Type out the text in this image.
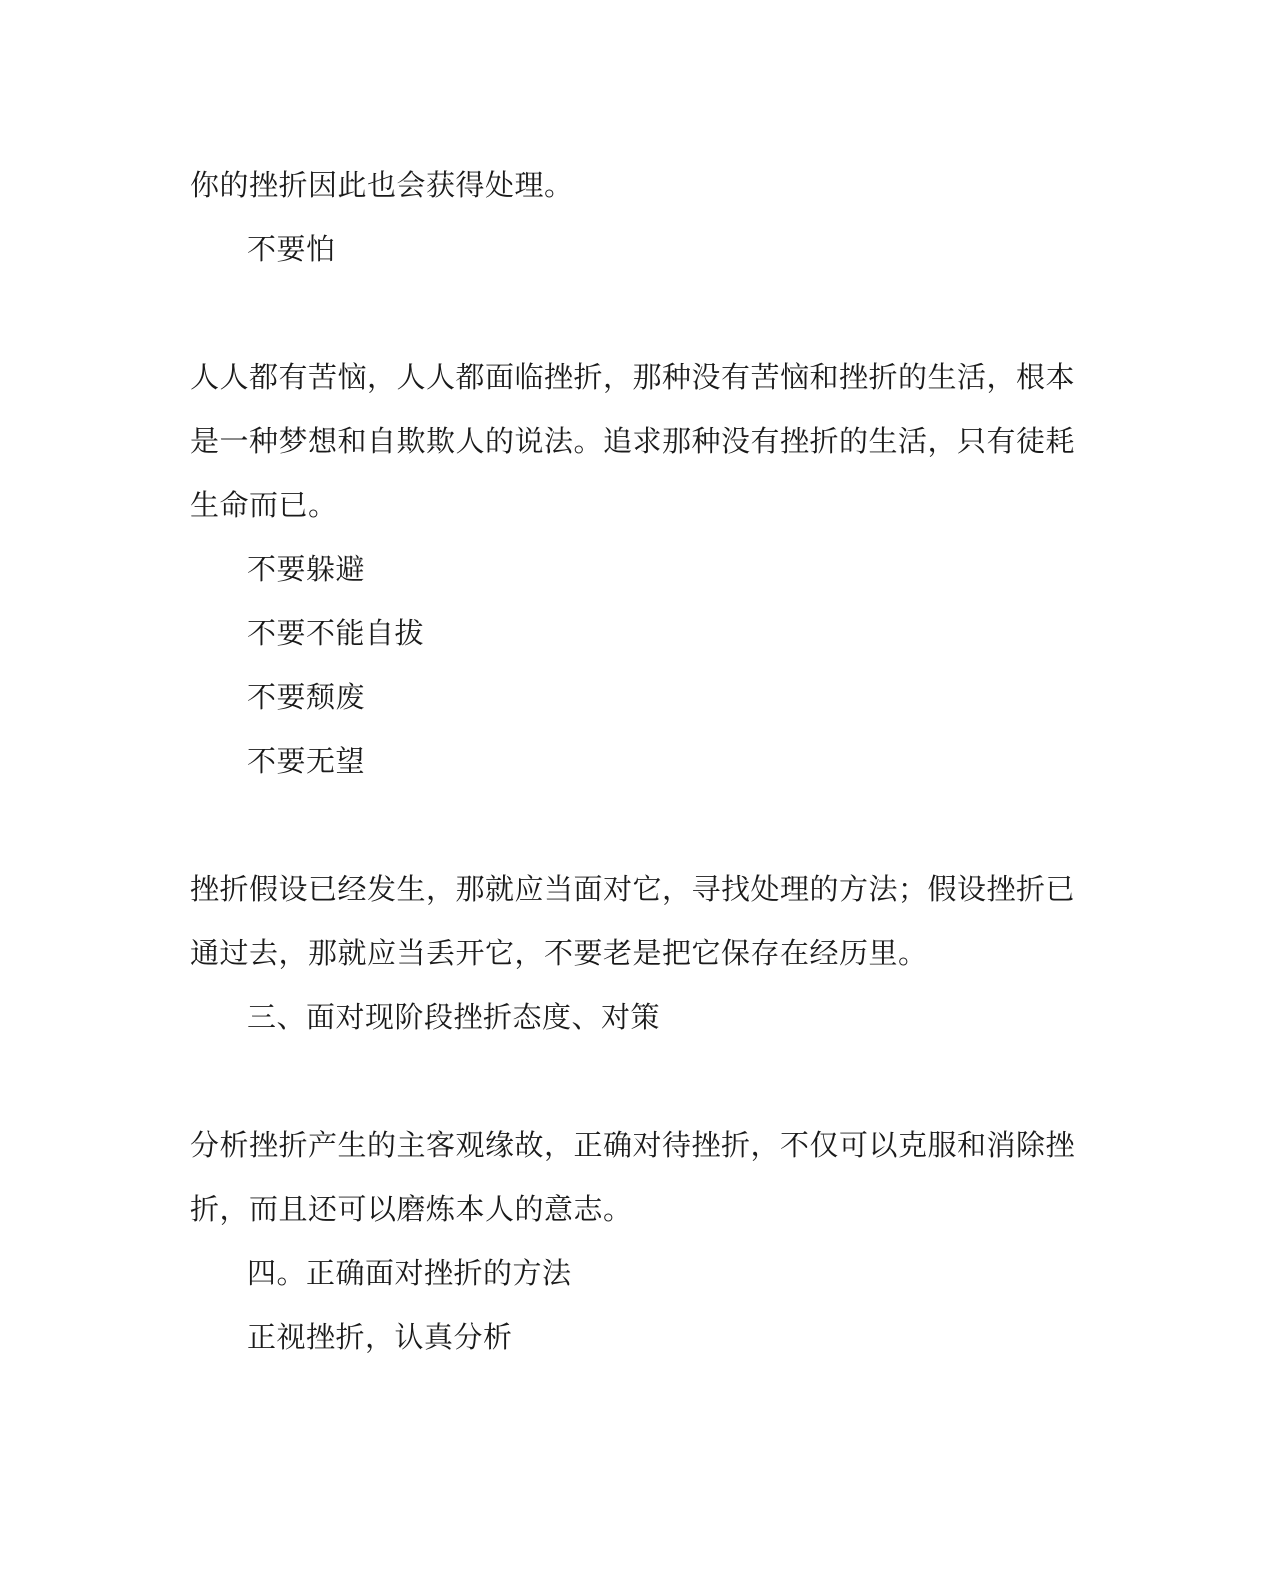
你的挫折因此也会获得处理。
不要怕
人人都有苦恼，人人都面临挫折，那种没有苦恼和挫折的生活，根本
是一种梦想和自欺欺人的说法。追求那种没有挫折的生活，只有徒耗
生命而已。
不要躲避
不要不能自拔
不要颓废
不要无望
挫折假设已经发生，那就应当面对它，寻找处理的方法；假设挫折已
通过去，那就应当丢开它，不要老是把它保存在经历里。
三、面对现阶段挫折态度、对策
分析挫折产生的主客观缘故，正确对待挫折，不仅可以克服和消除挫
折，而且还可以磨炼本人的意志。
四。正确面对挫折的方法
正视挫折，认真分析
